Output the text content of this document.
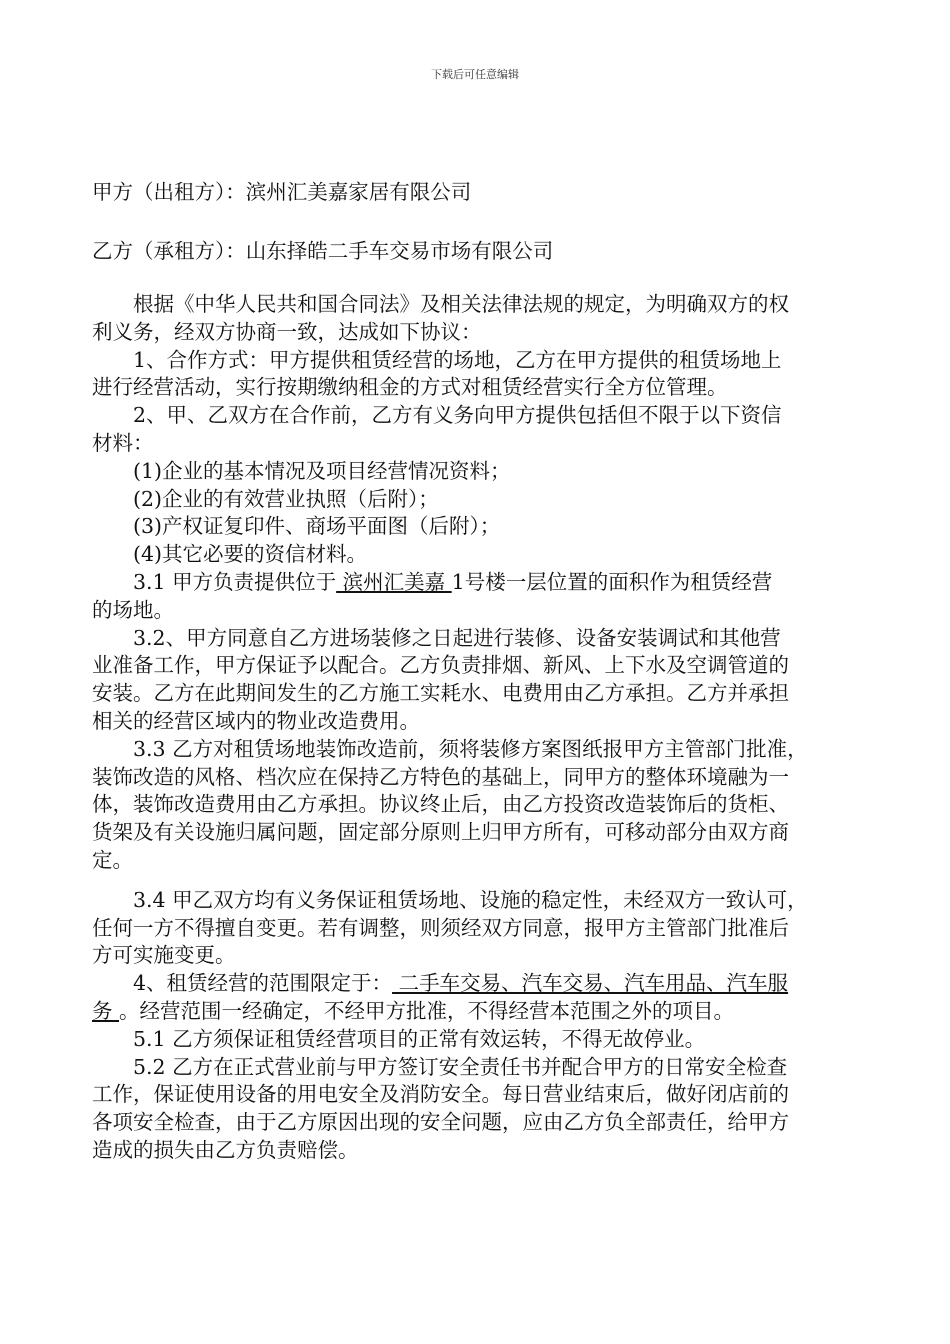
下载后可任意编辑
甲方（出租方）：滨州汇美嘉家居有限公司
乙方（承租方）：山东择皓二手车交易市场有限公司
根据《中华人民共和国合同法》及相关法律法规的规定，为明确双方的权
利义务，经双方协商一致，达成如下协议：
1、合作方式：甲方提供租赁经营的场地，乙方在甲方提供的租赁场地上
进行经营活动，实行按期缴纳租金的方式对租赁经营实行全方位管理。
2、甲、乙双方在合作前，乙方有义务向甲方提供包括但不限于以下资信
材料：
(1)企业的基本情况及项目经营情况资料；
(2)企业的有效营业执照（后附）；
(3)产权证复印件、商场平面图（后附）；
(4)其它必要的资信材料。
3.1 甲方负责提供位于 滨州汇美嘉 1号楼一层位置的面积作为租赁经营
的场地。
3.2、甲方同意自乙方进场装修之日起进行装修、设备安装调试和其他营
业准备工作，甲方保证予以配合。乙方负责排烟、新风、上下水及空调管道的
安装。乙方在此期间发生的乙方施工实耗水、电费用由乙方承担。乙方并承担
相关的经营区域内的物业改造费用。
3.3 乙方对租赁场地装饰改造前，须将装修方案图纸报甲方主管部门批准，
装饰改造的风格、档次应在保持乙方特色的基础上，同甲方的整体环境融为一
体，装饰改造费用由乙方承担。协议终止后，由乙方投资改造装饰后的货柜、
货架及有关设施归属问题，固定部分原则上归甲方所有，可移动部分由双方商
定。
3.4 甲乙双方均有义务保证租赁场地、设施的稳定性，未经双方一致认可，
任何一方不得擅自变更。若有调整，则须经双方同意，报甲方主管部门批准后
方可实施变更。
4、租赁经营的范围限定于： 二手车交易、汽车交易、汽车用品、汽车服
务 。经营范围一经确定，不经甲方批准，不得经营本范围之外的项目。
5.1 乙方须保证租赁经营项目的正常有效运转，不得无故停业。
5.2 乙方在正式营业前与甲方签订安全责任书并配合甲方的日常安全检查
工作，保证使用设备的用电安全及消防安全。每日营业结束后，做好闭店前的
各项安全检查，由于乙方原因出现的安全问题，应由乙方负全部责任，给甲方
造成的损失由乙方负责赔偿。
